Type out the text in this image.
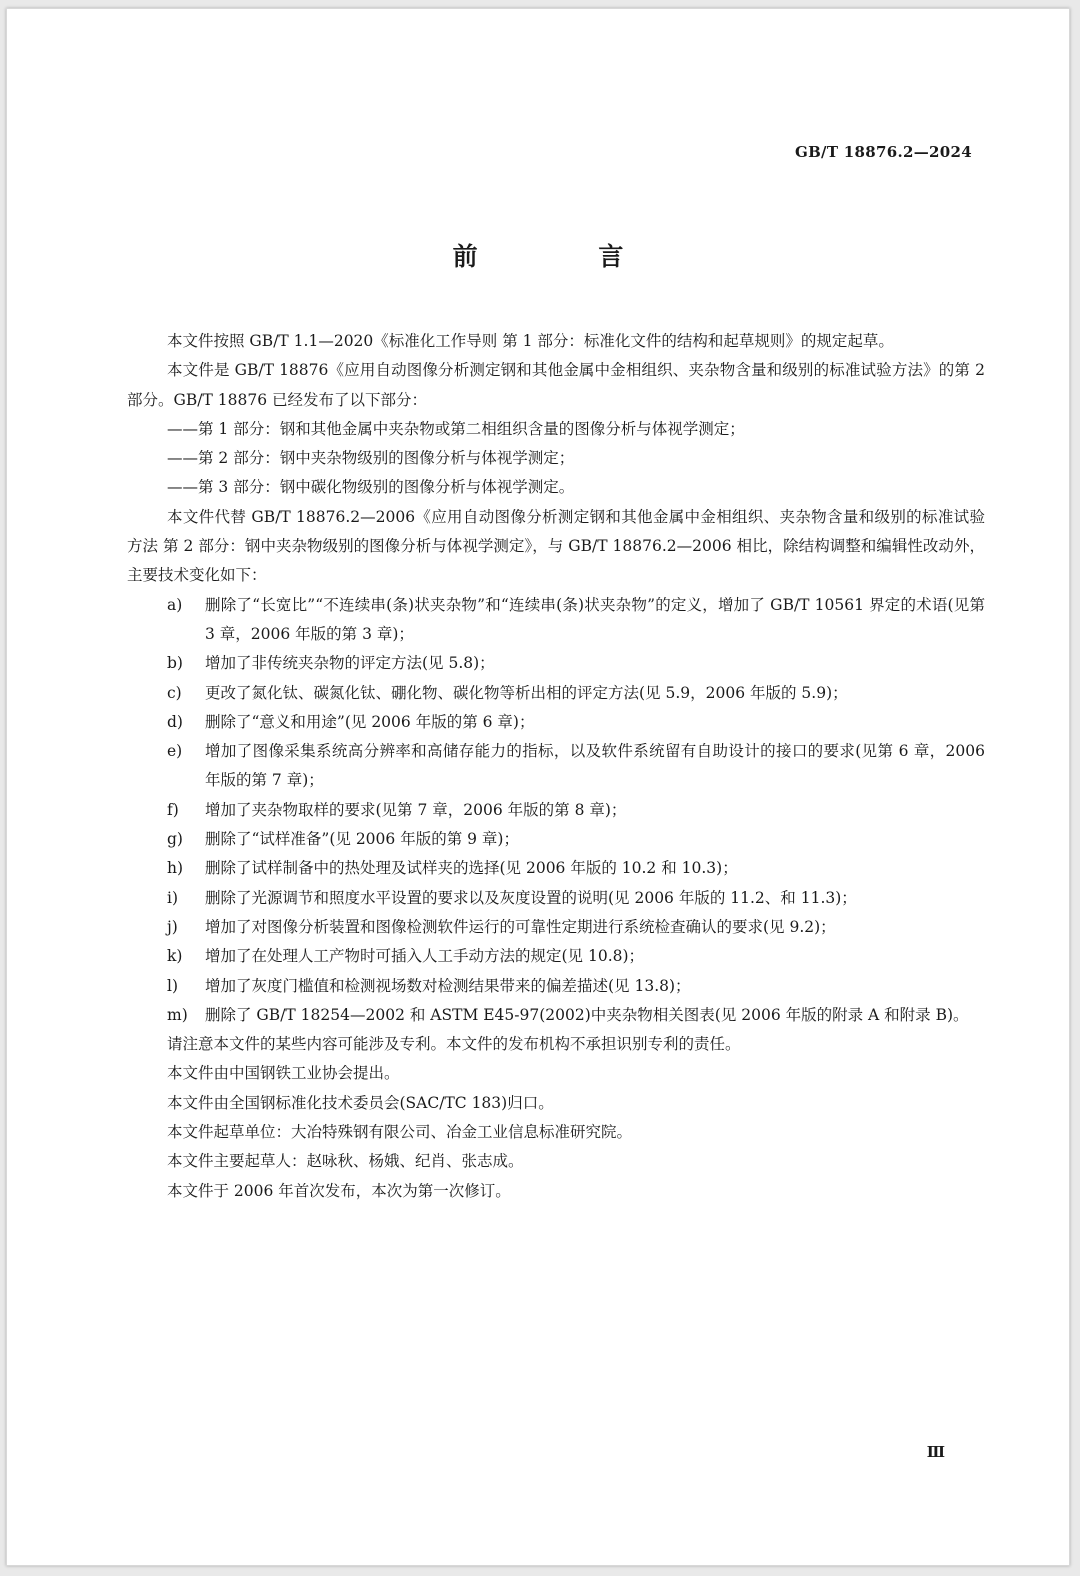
GB/T 18876.2—2024
前 言

本文件按照 GB/T 1.1—2020《标准化工作导则 第 1 部分：标准化文件的结构和起草规则》的规定起草。

本文件是 GB/T 18876《应用自动图像分析测定钢和其他金属中金相组织、夹杂物含量和级别的标准试验方法》的第 2 部分。GB/T 18876 已经发布了以下部分：

——第 1 部分：钢和其他金属中夹杂物或第二相组织含量的图像分析与体视学测定；

——第 2 部分：钢中夹杂物级别的图像分析与体视学测定；

——第 3 部分：钢中碳化物级别的图像分析与体视学测定。

本文件代替 GB/T 18876.2—2006《应用自动图像分析测定钢和其他金属中金相组织、夹杂物含量和级别的标准试验方法 第 2 部分：钢中夹杂物级别的图像分析与体视学测定》，与 GB/T 18876.2—2006 相比，除结构调整和编辑性改动外，主要技术变化如下：

a)	删除了“长宽比”“不连续串(条)状夹杂物”和“连续串(条)状夹杂物”的定义，增加了 GB/T 10561 界定的术语(见第 3 章，2006 年版的第 3 章)；
b)	增加了非传统夹杂物的评定方法(见 5.8)；
c)	更改了氮化钛、碳氮化钛、硼化物、碳化物等析出相的评定方法(见 5.9，2006 年版的 5.9)；
d)	删除了“意义和用途”(见 2006 年版的第 6 章)；
e)	增加了图像采集系统高分辨率和高储存能力的指标，以及软件系统留有自助设计的接口的要求(见第 6 章，2006 年版的第 7 章)；
f)	增加了夹杂物取样的要求(见第 7 章，2006 年版的第 8 章)；
g)	删除了“试样准备”(见 2006 年版的第 9 章)；
h)	删除了试样制备中的热处理及试样夹的选择(见 2006 年版的 10.2 和 10.3)；
i)	删除了光源调节和照度水平设置的要求以及灰度设置的说明(见 2006 年版的 11.2、和 11.3)；
j)	增加了对图像分析装置和图像检测软件运行的可靠性定期进行系统检查确认的要求(见 9.2)；
k)	增加了在处理人工产物时可插入人工手动方法的规定(见 10.8)；
l)	增加了灰度门槛值和检测视场数对检测结果带来的偏差描述(见 13.8)；
m)	删除了 GB/T 18254—2002 和 ASTM E45-97(2002)中夹杂物相关图表(见 2006 年版的附录 A 和附录 B)。

请注意本文件的某些内容可能涉及专利。本文件的发布机构不承担识别专利的责任。

本文件由中国钢铁工业协会提出。

本文件由全国钢标准化技术委员会(SAC/TC 183)归口。

本文件起草单位：大冶特殊钢有限公司、冶金工业信息标准研究院。

本文件主要起草人：赵咏秋、杨娥、纪肖、张志成。

本文件于 2006 年首次发布，本次为第一次修订。

Ⅲ
